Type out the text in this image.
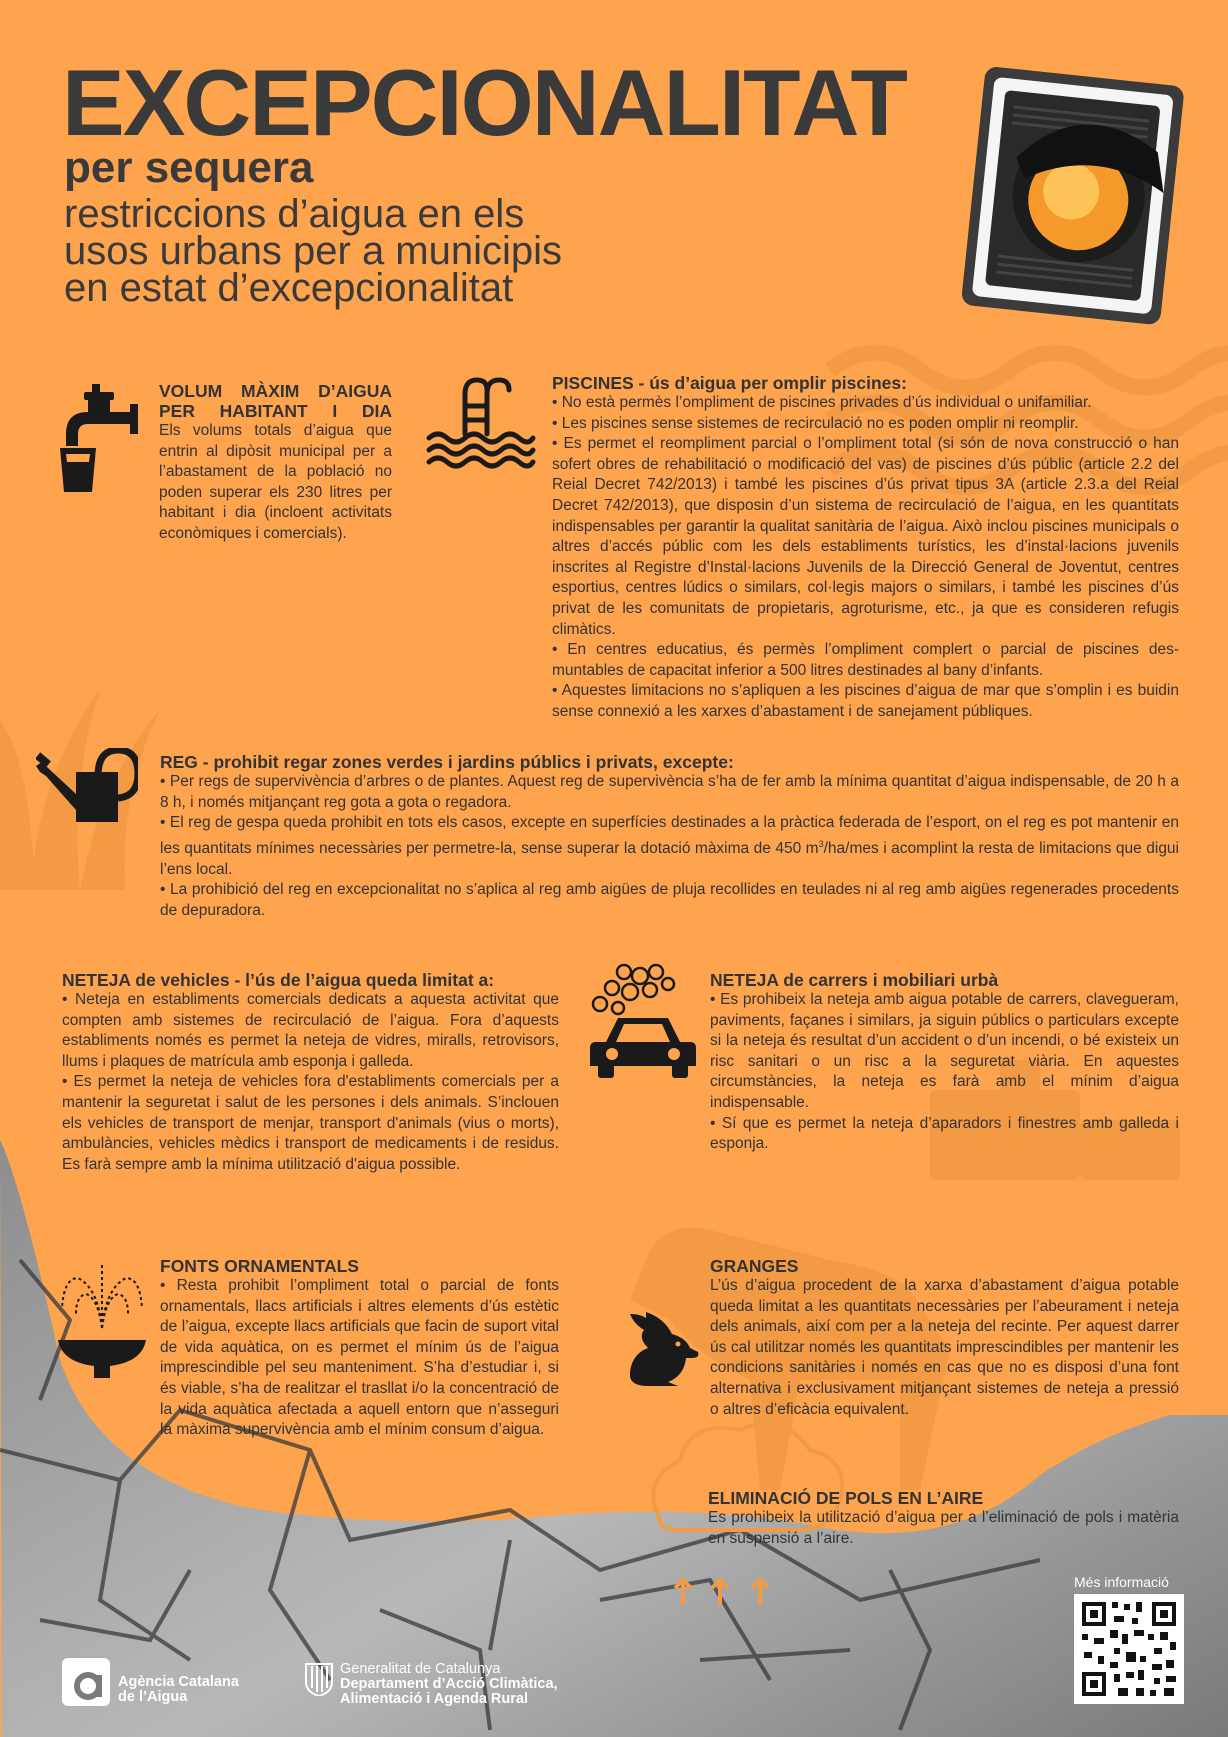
EXCEPCIONALITAT
per sequera
restriccions d’aigua en els
usos urbans per a municipis
en estat d’excepcionalitat
VOLUM MÀXIM D’AIGUA
PER HABITANT I DIA

Els volums totals d’aigua que entrin al dipòsit municipal per a l’abastament de la població no poden superar els 230 litres per habitant i dia (incloent activitats econòmiques i comercials).

PISCINES - ús d’aigua per omplir piscines:

• No està permès l’ompliment de piscines privades d’ús individual o unifamiliar.

• Les piscines sense sistemes de recirculació no es poden omplir ni reomplir.

• Es permet el reompliment parcial o l’ompliment total (si són de nova construcció o han sofert obres de rehabilitació o modificació del vas) de piscines d’ús públic (article 2.2 del Reial Decret 742/2013) i també les piscines d’ús privat tipus 3A (article 2.3.a del Reial Decret 742/2013), que disposin d’un sistema de recirculació de l’aigua, en les quantitats indispensables per garantir la qualitat sanitària de l’aigua. Això inclou piscines municipals o altres d’accés públic com les dels establiments turístics, les d’instal·lacions juvenils inscrites al Registre d’Instal·lacions Juvenils de la Direcció General de Joventut, centres esportius, centres lúdics o similars, col·legis majors o similars, i també les piscines d’ús privat de les comunitats de propietaris, agroturisme, etc., ja que es consideren refugis climàtics.

• En centres educatius, és permès l’ompliment complert o parcial de piscines desmuntables de capacitat inferior a 500 litres destinades al bany d’infants.

• Aquestes limitacions no s’apliquen a les piscines d’aigua de mar que s’omplin i es buidin sense connexió a les xarxes d’abastament i de sanejament públiques.

REG - prohibit regar zones verdes i jardins públics i privats, excepte:

• Per regs de supervivència d’arbres o de plantes. Aquest reg de supervivència s’ha de fer amb la mínima quantitat d’aigua indispensable, de 20 h a 8 h, i només mitjançant reg gota a gota o regadora.

• El reg de gespa queda prohibit en tots els casos, excepte en superfícies destinades a la pràctica federada de l’esport, on el reg es pot mantenir en les quantitats mínimes necessàries per permetre-la, sense superar la dotació màxima de 450 $m^3/ha$/mes i acomplint la resta de limitacions que digui l’ens local.

• La prohibició del reg en excepcionalitat no s’aplica al reg amb aigües de pluja recollides en teulades ni al reg amb aigües regenerades procedents de depuradora.

NETEJA de vehicles - l’ús de l’aigua queda limitat a:

• Neteja en establiments comercials dedicats a aquesta activitat que compten amb sistemes de recirculació de l’aigua. Fora d’aquests establiments només es permet la neteja de vidres, miralls, retrovisors, llums i plaques de matrícula amb esponja i galleda.

• Es permet la neteja de vehicles fora d'establiments comercials per a mantenir la seguretat i salut de les persones i dels animals. S’inclouen els vehicles de transport de menjar, transport d'animals (vius o morts), ambulàncies, vehicles mèdics i transport de medicaments i de residus. Es farà sempre amb la mínima utilització d'aigua possible.

NETEJA de carrers i mobiliari urbà

• Es prohibeix la neteja amb aigua potable de carrers, clavegueram, paviments, façanes i similars, ja siguin públics o particulars excepte si la neteja és resultat d’un accident o d’un incendi, o bé existeix un risc sanitari o un risc a la seguretat viària. En aquestes circumstàncies, la neteja es farà amb el mínim d’aigua indispensable.

• Sí que es permet la neteja d’aparadors i finestres amb galleda i esponja.

FONTS ORNAMENTALS

• Resta prohibit l’ompliment total o parcial de fonts ornamentals, llacs artificials i altres elements d’ús estètic de l’aigua, excepte llacs artificials que facin de suport vital de vida aquàtica, on es permet el mínim ús de l’aigua imprescindible pel seu manteniment. S’ha d’estudiar i, si és viable, s’ha de realitzar el trasllat i/o la concentració de la vida aquàtica afectada a aquell entorn que n’asseguri la màxima supervivència amb el mínim consum d’aigua.

GRANGES

L’ús d’aigua procedent de la xarxa d’abastament d’aigua potable queda limitat a les quantitats necessàries per l’abeurament i neteja dels animals, així com per a la neteja del recinte. Per aquest darrer ús cal utilitzar només les quantitats imprescindibles per mantenir les condicions sanitàries i només en cas que no es disposi d’una font alternativa i exclusivament mitjançant sistemes de neteja a pressió o altres d’eficàcia equivalent.

ELIMINACIÓ DE POLS EN L’AIRE

Es prohibeix la utilització d’aigua per a l’eliminació de pols i matèria en suspensió a l’aire.

Més informació
Agència Catalana
de l’Aigua
Generalitat de Catalunya
Departament d’Acció Climàtica,
Alimentació i Agenda Rural
